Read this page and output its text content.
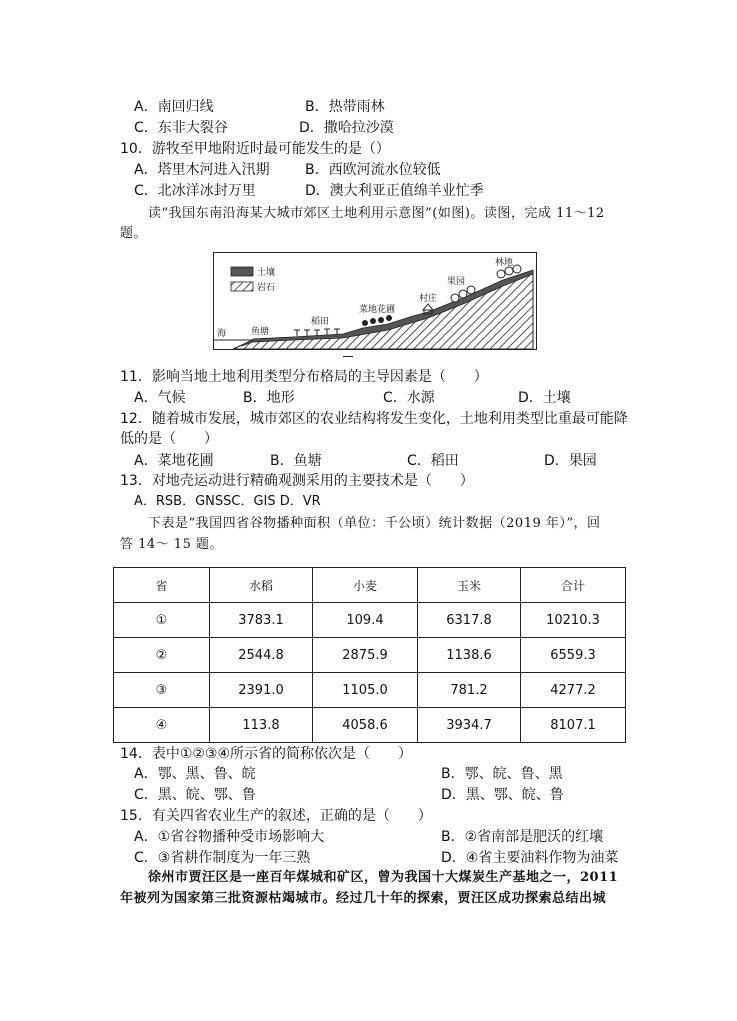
A．南回归线	B．热带雨林
C．东非大裂谷	D．撒哈拉沙漠
10．游牧至甲地附近时最可能发生的是（）
A．塔里木河进入汛期	B．西欧河流水位较低
C．北冰洋冰封万里	D．澳大利亚正值绵羊业忙季
读“我国东南沿海某大城市郊区土地利用示意图”(如图)。读图，完成 11～12
题。
土壤
岩石
海	鱼塘
稻田
菜地花圃
村庄
果园
林地
11．影响当地土地利用类型分布格局的主导因素是（　　）
A．气候	B．地形	C．水源	D．土壤
12．随着城市发展，城市郊区的农业结构将发生变化，土地利用类型比重最可能降
低的是（　　）
A．菜地花圃	B．鱼塘	C．稻田	D．果园
13．对地壳运动进行精确观测采用的主要技术是（　　）
A．RSB．GNSSC．GIS D．VR
下表是“我国四省谷物播种面积（单位：千公顷）统计数据（2019 年）”，回
答 14～ 15 题。
省	水稻	小麦	玉米	合计
①	3783.1	109.4	6317.8	10210.3
②	2544.8	2875.9	1138.6	6559.3
③	2391.0	1105.0	781.2	4277.2
④	113.8	4058.6	3934.7	8107.1
14．表中①②③④所示省的简称依次是（　　）
A．鄂、黑、鲁、皖	B．鄂、皖、鲁、黑
C．黑、皖、鄂、鲁	D．黑、鄂、皖、鲁
15．有关四省农业生产的叙述，正确的是（　　）
A．①省谷物播种受市场影响大	B．②省南部是肥沃的红壤
C．③省耕作制度为一年三熟	D．④省主要油料作物为油菜
徐州市贾汪区是一座百年煤城和矿区，曾为我国十大煤炭生产基地之一，2011
年被列为国家第三批资源枯竭城市。经过几十年的探索，贾汪区成功探索总结出城
